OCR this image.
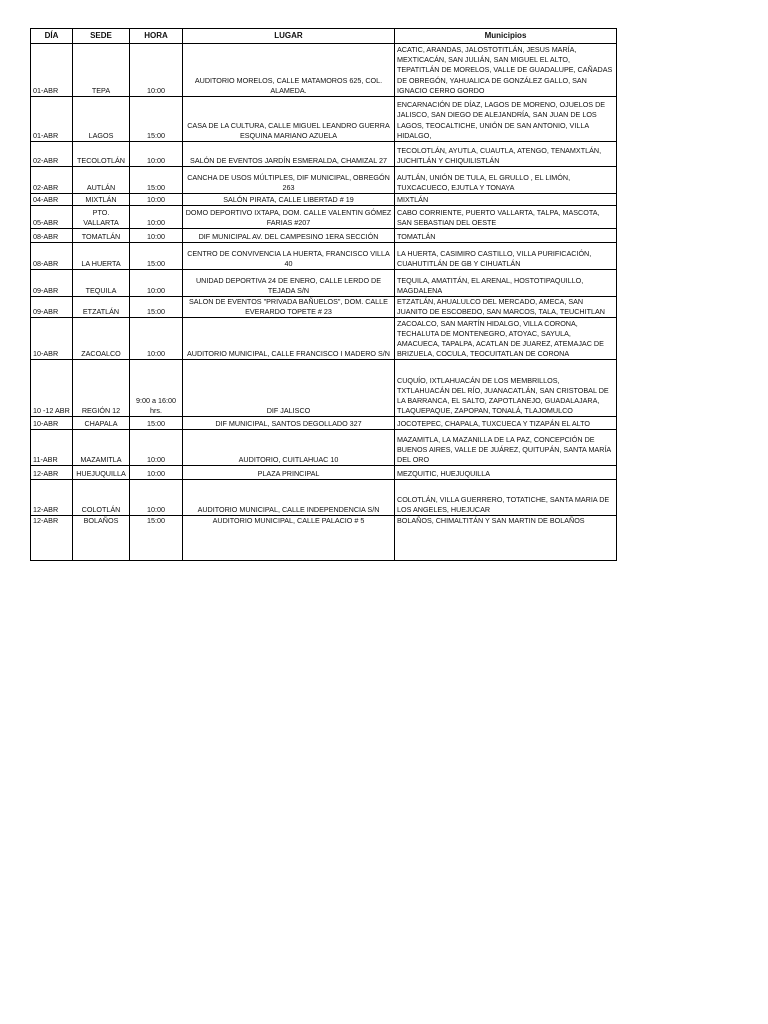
DÍA	SEDE	HORA	LUGAR	Municipios
01-ABR	TEPA	10:00	AUDITORIO MORELOS, CALLE MATAMOROS 625, COL. ALAMEDA.	ACATIC, ARANDAS, JALOSTOTITLÁN, JESUS MARÍA, MEXTICACÁN, SAN JULIÁN, SAN MIGUEL EL ALTO, TEPATITLÁN DE MORELOS, VALLE DE GUADALUPE, CAÑADAS DE OBREGÓN, YAHUALICA DE GONZÁLEZ GALLO, SAN IGNACIO CERRO GORDO
01-ABR	LAGOS	15:00	CASA DE LA CULTURA, CALLE MIGUEL LEANDRO GUERRA ESQUINA MARIANO AZUELA	ENCARNACIÓN DE DÍAZ, LAGOS DE MORENO, OJUELOS DE JALISCO, SAN DIEGO DE ALEJANDRÍA, SAN JUAN DE LOS LAGOS, TEOCALTICHE, UNIÓN DE SAN ANTONIO, VILLA HIDALGO,
02-ABR	TECOLOTLÁN	10:00	SALÓN DE EVENTOS JARDÍN ESMERALDA, CHAMIZAL 27	TECOLOTLÁN, AYUTLA, CUAUTLA, ATENGO, TENAMXTLÁN, JUCHITLÁN Y CHIQUILISTLÁN
02-ABR	AUTLÁN	15:00	CANCHA DE USOS MÚLTIPLES, DIF MUNICIPAL, OBREGÓN 263	AUTLÁN, UNIÓN DE TULA, EL GRULLO , EL LIMÓN, TUXCACUECO, EJUTLA Y TONAYA
04-ABR	MIXTLÁN	10:00	SALÓN PIRATA, CALLE LIBERTAD # 19	MIXTLÁN
05-ABR	PTO. VALLARTA	10:00	DOMO DEPORTIVO IXTAPA, DOM. CALLE VALENTIN GÓMEZ FARIAS #207	CABO CORRIENTE, PUERTO VALLARTA, TALPA, MASCOTA, SAN SEBASTIAN DEL OESTE
08-ABR	TOMATLÁN	10:00	DIF MUNICIPAL AV. DEL CAMPESINO 1ERA SECCIÓN	TOMATLÁN
08-ABR	LA HUERTA	15:00	CENTRO DE CONVIVENCIA LA HUERTA, FRANCISCO VILLA 40	LA HUERTA, CASIMIRO CASTILLO, VILLA PURIFICACIÓN, CUAHUTITLÁN DE GB Y CIHUATLÁN
09-ABR	TEQUILA	10:00	UNIDAD DEPORTIVA 24 DE ENERO, CALLE LERDO DE TEJADA S/N	TEQUILA, AMATITÁN, EL ARENAL, HOSTOTIPAQUILLO, MAGDALENA
09-ABR	ETZATLÁN	15:00	SALON DE EVENTOS "PRIVADA BAÑUELOS", DOM. CALLE EVERARDO TOPETE # 23	ETZATLÁN, AHUALULCO DEL MERCADO, AMECA, SAN JUANITO DE ESCOBEDO, SAN MARCOS, TALA, TEUCHITLAN
10-ABR	ZACOALCO	10:00	AUDITORIO MUNICIPAL, CALLE FRANCISCO I MADERO S/N	ZACOALCO, SAN MARTÍN HIDALGO, VILLA CORONA, TECHALUTA DE MONTENEGRO, ATOYAC, SAYULA, AMACUECA, TAPALPA, ACATLAN DE JUAREZ, ATEMAJAC DE BRIZUELA, COCULA, TEOCUITATLAN DE CORONA
10 -12 ABR	REGIÓN 12	9:00 a 16:00 hrs.	DIF JALISCO	CUQUÍO, IXTLAHUACÁN DE LOS MEMBRILLOS, TXTLAHUACÁN DEL RÍO, JUANACATLÁN, SAN CRISTOBAL DE LA BARRANCA, EL SALTO, ZAPOTLANEJO, GUADALAJARA, TLAQUEPAQUE, ZAPOPAN, TONALÁ, TLAJOMULCO
10-ABR	CHAPALA	15:00	DIF MUNICIPAL, SANTOS DEGOLLADO 327	JOCOTEPEC, CHAPALA, TUXCUECA Y TIZAPÁN EL ALTO
11-ABR	MAZAMITLA	10:00	AUDITORIO, CUITLAHUAC 10	MAZAMITLA, LA MAZANILLA DE LA PAZ, CONCEPCIÓN DE BUENOS AIRES, VALLE DE JUÁREZ, QUITUPÁN, SANTA MARÍA DEL ORO
12-ABR	HUEJUQUILLA	10:00	PLAZA PRINCIPAL	MEZQUITIC, HUEJUQUILLA
12-ABR	COLOTLÁN	10:00	AUDITORIO MUNICIPAL, CALLE INDEPENDENCIA S/N	COLOTLÁN, VILLA GUERRERO, TOTATICHE, SANTA MARIA DE LOS ANGELES, HUEJUCAR
12-ABR	BOLAÑOS	15:00	AUDITORIO MUNICIPAL, CALLE PALACIO # 5	BOLAÑOS, CHIMALTITÁN Y SAN MARTIN DE BOLAÑOS
